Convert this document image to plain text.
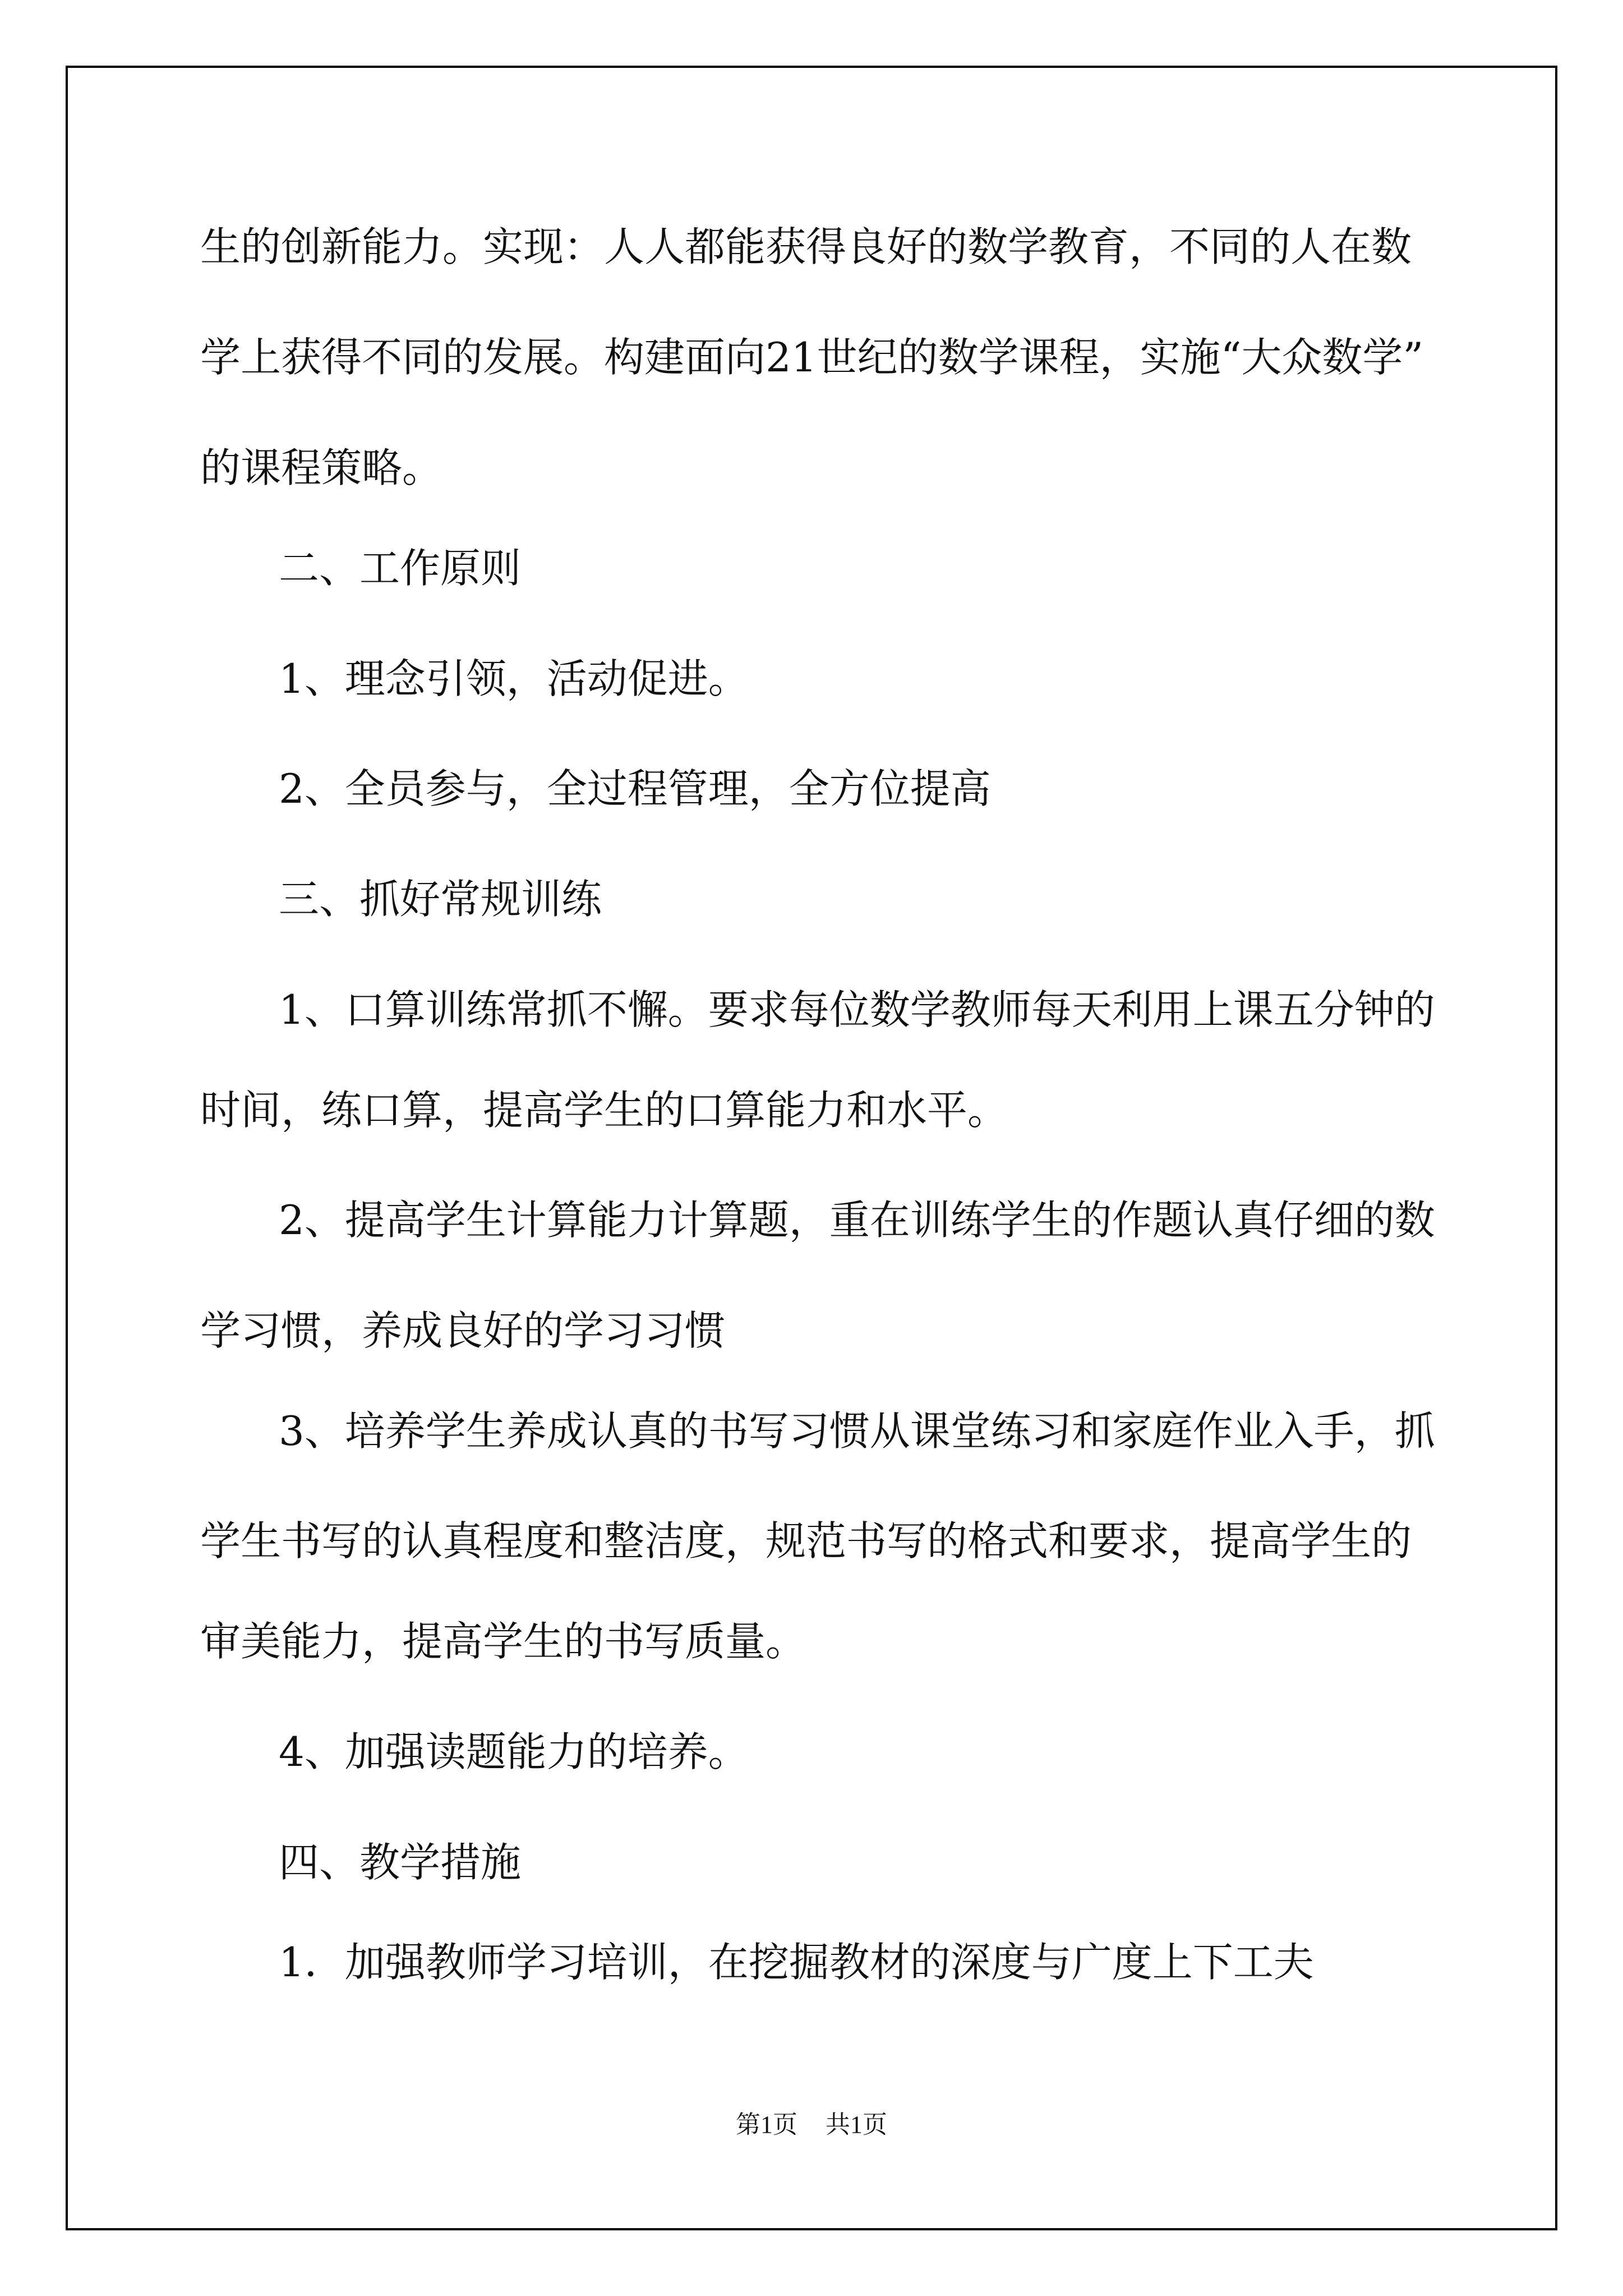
生的创新能力。实现：人人都能获得良好的数学教育，不同的人在数

学上获得不同的发展。构建面向21世纪的数学课程，实施“大众数学”

的课程策略。

二、工作原则

1、理念引领，活动促进。

2、全员参与，全过程管理，全方位提高

三、抓好常规训练

1、口算训练常抓不懈。要求每位数学教师每天利用上课五分钟的

时间，练口算，提高学生的口算能力和水平。

2、提高学生计算能力计算题，重在训练学生的作题认真仔细的数

学习惯，养成良好的学习习惯

3、培养学生养成认真的书写习惯从课堂练习和家庭作业入手，抓

学生书写的认真程度和整洁度，规范书写的格式和要求，提高学生的

审美能力，提高学生的书写质量。

4、加强读题能力的培养。

四、教学措施

1．加强教师学习培训，在挖掘教材的深度与广度上下工夫

第1页 共1页
